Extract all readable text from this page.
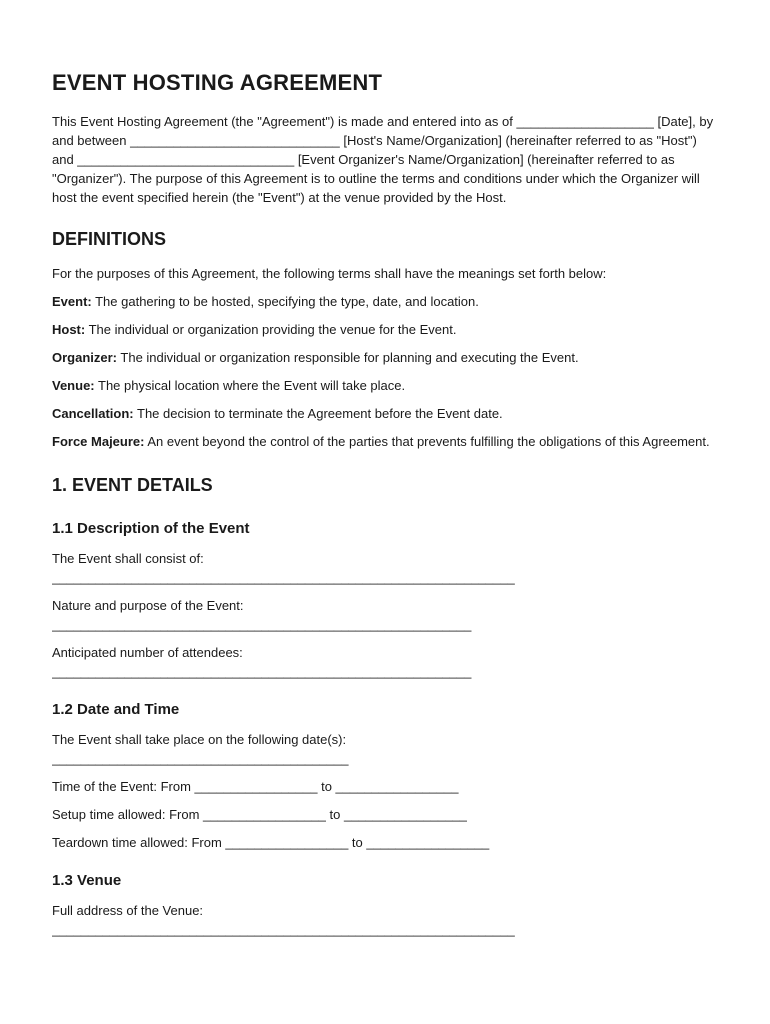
EVENT HOSTING AGREEMENT

This Event Hosting Agreement (the "Agreement") is made and entered into as of ___________________ [Date], by and between _____________________________ [Host's Name/Organization] (hereinafter referred to as "Host") and ______________________________ [Event Organizer's Name/Organization] (hereinafter referred to as "Organizer"). The purpose of this Agreement is to outline the terms and conditions under which the Organizer will host the event specified herein (the "Event") at the venue provided by the Host.

DEFINITIONS

For the purposes of this Agreement, the following terms shall have the meanings set forth below:

Event: The gathering to be hosted, specifying the type, date, and location.

Host: The individual or organization providing the venue for the Event.

Organizer: The individual or organization responsible for planning and executing the Event.

Venue: The physical location where the Event will take place.

Cancellation: The decision to terminate the Agreement before the Event date.

Force Majeure: An event beyond the control of the parties that prevents fulfilling the obligations of this Agreement.

1. EVENT DETAILS
1.1 Description of the Event

The Event shall consist of:

________________________________________________________________

Nature and purpose of the Event:

__________________________________________________________

Anticipated number of attendees:

__________________________________________________________

1.2 Date and Time

The Event shall take place on the following date(s):

_________________________________________

Time of the Event: From _________________ to _________________

Setup time allowed: From _________________ to _________________

Teardown time allowed: From _________________ to _________________

1.3 Venue

Full address of the Venue:

________________________________________________________________
